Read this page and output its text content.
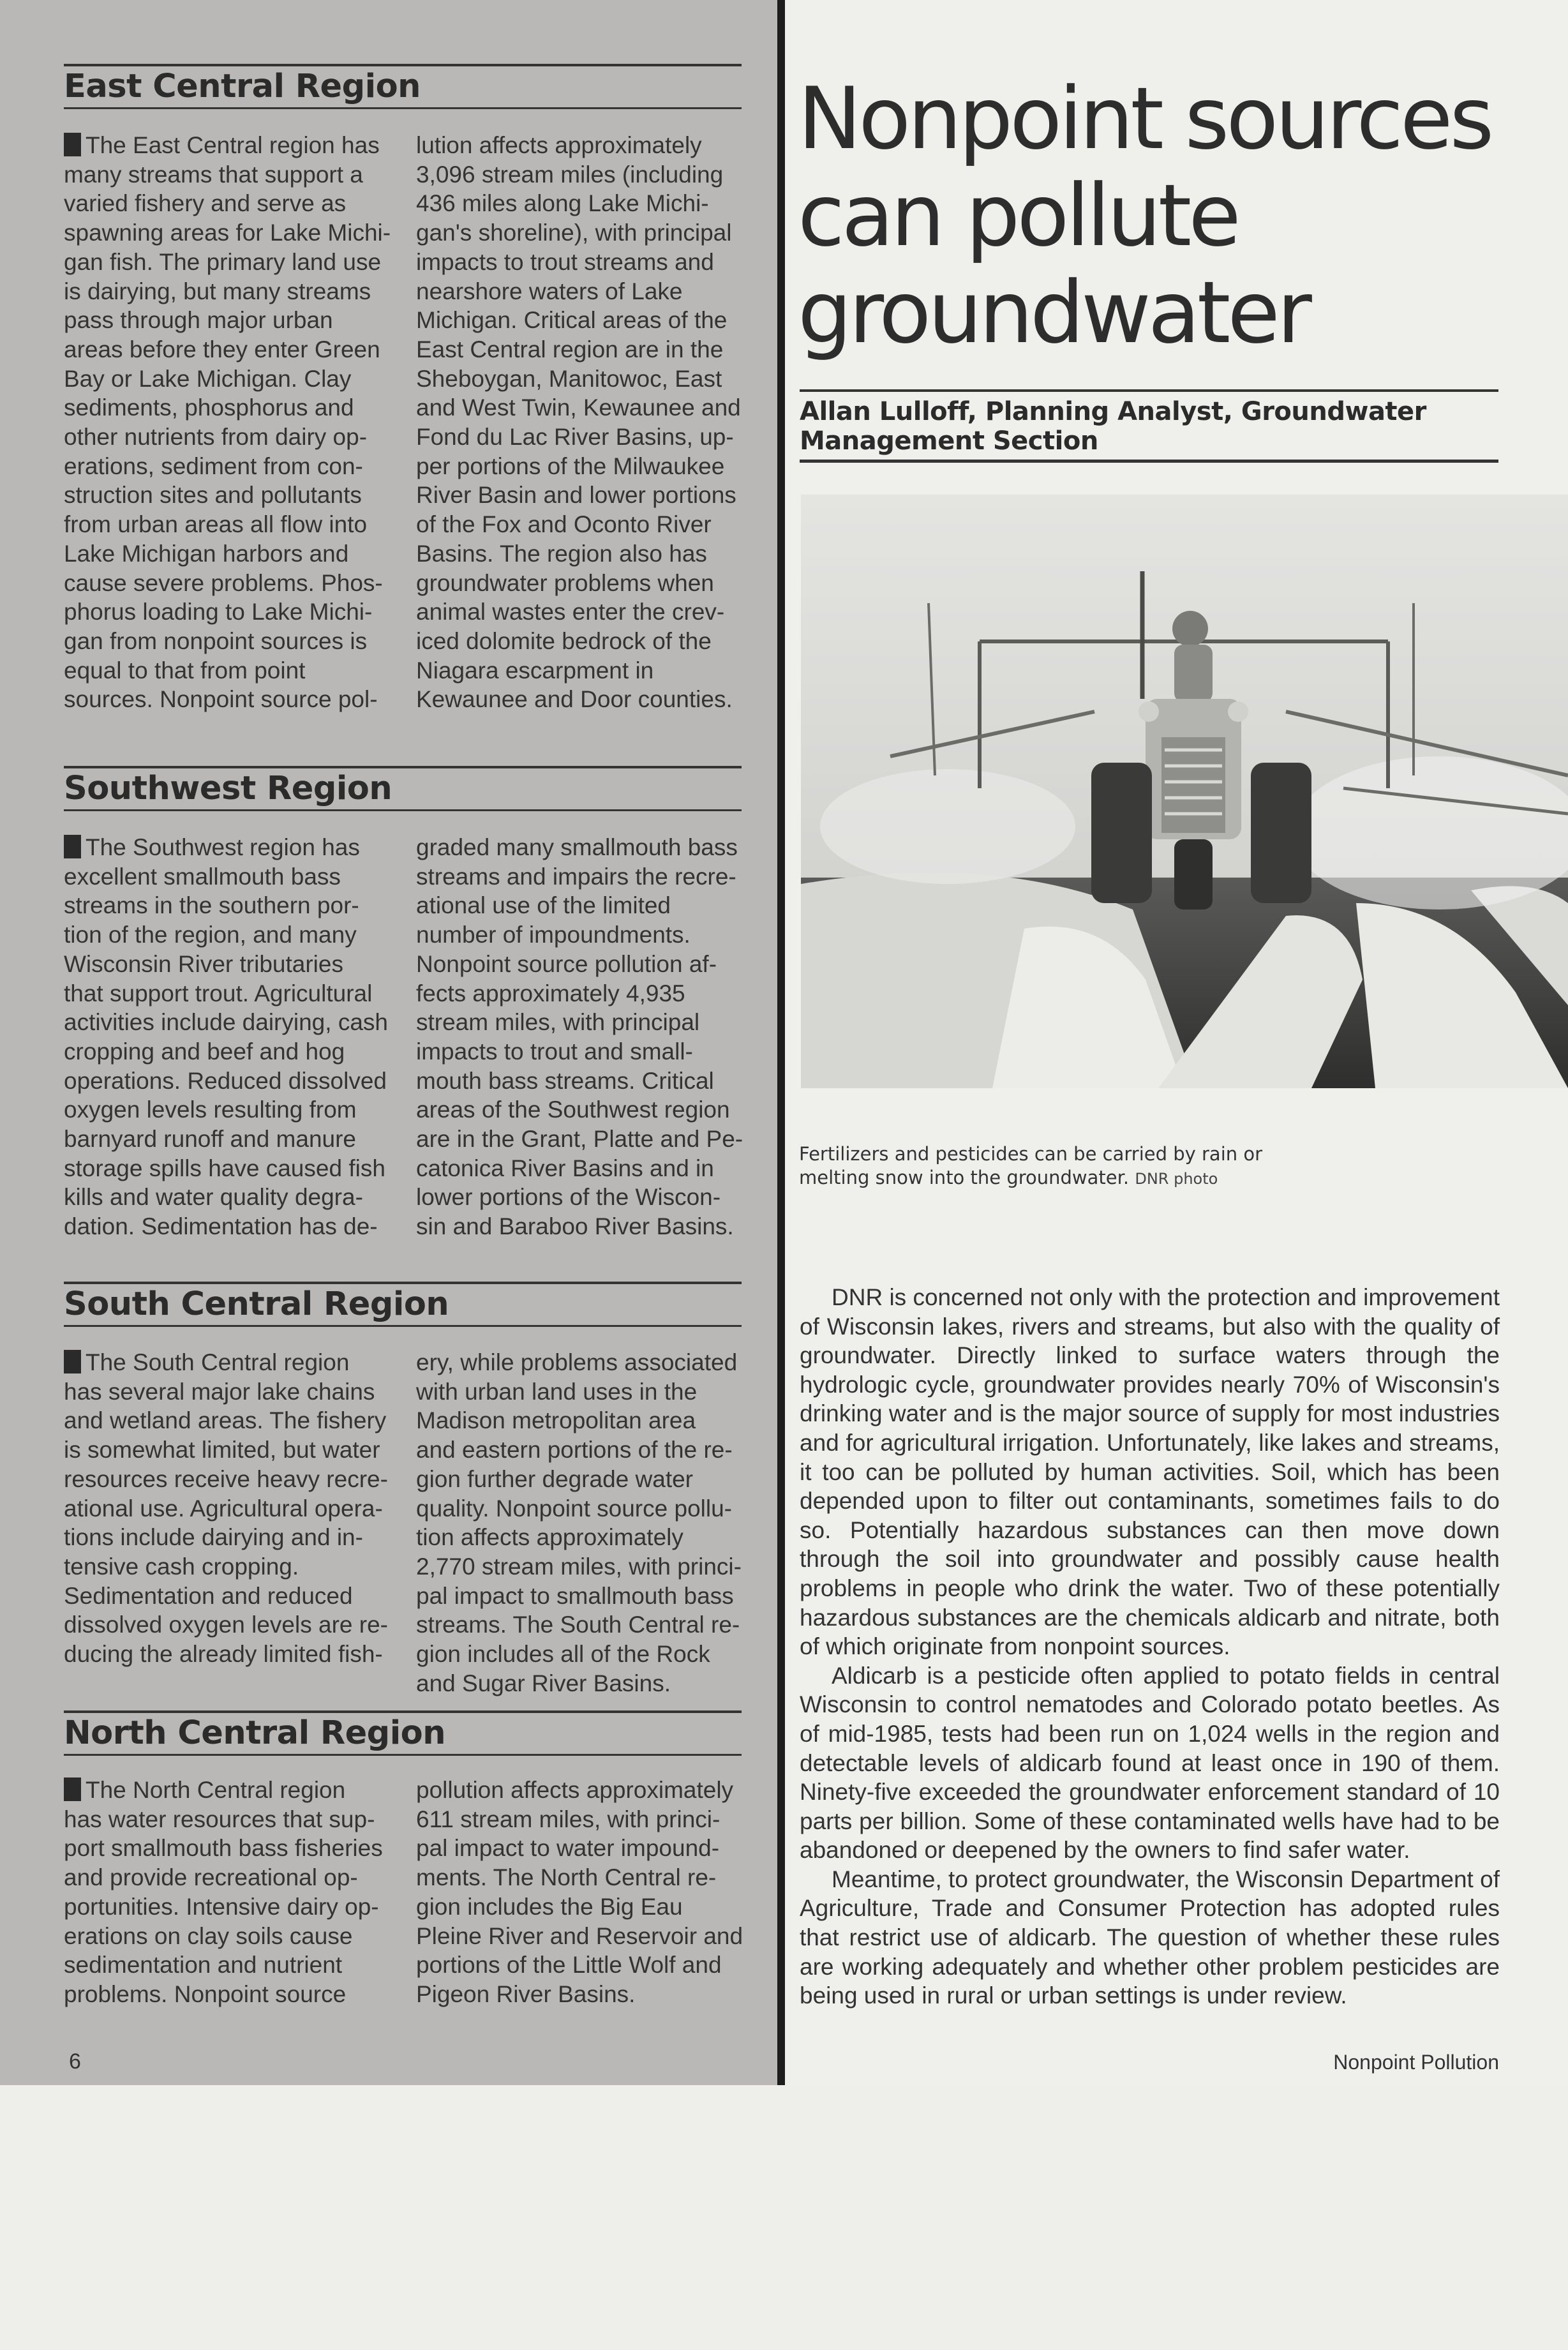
East Central Region
The East Central region has
many streams that support a
varied fishery and serve as
spawning areas for Lake Michi-
gan fish. The primary land use
is dairying, but many streams
pass through major urban
areas before they enter Green
Bay or Lake Michigan. Clay
sediments, phosphorus and
other nutrients from dairy op-
erations, sediment from con-
struction sites and pollutants
from urban areas all flow into
Lake Michigan harbors and
cause severe problems. Phos-
phorus loading to Lake Michi-
gan from nonpoint sources is
equal to that from point
sources. Nonpoint source pol-
lution affects approximately
3,096 stream miles (including
436 miles along Lake Michi-
gan's shoreline), with principal
impacts to trout streams and
nearshore waters of Lake
Michigan. Critical areas of the
East Central region are in the
Sheboygan, Manitowoc, East
and West Twin, Kewaunee and
Fond du Lac River Basins, up-
per portions of the Milwaukee
River Basin and lower portions
of the Fox and Oconto River
Basins. The region also has
groundwater problems when
animal wastes enter the crev-
iced dolomite bedrock of the
Niagara escarpment in
Kewaunee and Door counties.
Southwest Region
The Southwest region has
excellent smallmouth bass
streams in the southern por-
tion of the region, and many
Wisconsin River tributaries
that support trout. Agricultural
activities include dairying, cash
cropping and beef and hog
operations. Reduced dissolved
oxygen levels resulting from
barnyard runoff and manure
storage spills have caused fish
kills and water quality degra-
dation. Sedimentation has de-
graded many smallmouth bass
streams and impairs the recre-
ational use of the limited
number of impoundments.
Nonpoint source pollution af-
fects approximately 4,935
stream miles, with principal
impacts to trout and small-
mouth bass streams. Critical
areas of the Southwest region
are in the Grant, Platte and Pe-
catonica River Basins and in
lower portions of the Wiscon-
sin and Baraboo River Basins.
South Central Region
The South Central region
has several major lake chains
and wetland areas. The fishery
is somewhat limited, but water
resources receive heavy recre-
ational use. Agricultural opera-
tions include dairying and in-
tensive cash cropping.
Sedimentation and reduced
dissolved oxygen levels are re-
ducing the already limited fish-
ery, while problems associated
with urban land uses in the
Madison metropolitan area
and eastern portions of the re-
gion further degrade water
quality. Nonpoint source pollu-
tion affects approximately
2,770 stream miles, with princi-
pal impact to smallmouth bass
streams. The South Central re-
gion includes all of the Rock
and Sugar River Basins.
North Central Region
The North Central region
has water resources that sup-
port smallmouth bass fisheries
and provide recreational op-
portunities. Intensive dairy op-
erations on clay soils cause
sedimentation and nutrient
problems. Nonpoint source
pollution affects approximately
611 stream miles, with princi-
pal impact to water impound-
ments. The North Central re-
gion includes the Big Eau
Pleine River and Reservoir and
portions of the Little Wolf and
Pigeon River Basins.
Nonpoint sources
can pollute
groundwater
Allan Lulloff, Planning Analyst, Groundwater
Management Section
Fertilizers and pesticides can be carried by rain or
melting snow into the groundwater. DNR photo

DNR is concerned not only with the protection and improvement of Wisconsin lakes, rivers and streams, but also with the quality of groundwater. Directly linked to surface waters through the hydrologic cycle, groundwater provides nearly 70% of Wisconsin's drinking water and is the major source of supply for most industries and for agricultural irrigation. Unfortunately, like lakes and streams, it too can be polluted by human activities. Soil, which has been depended upon to filter out contaminants, sometimes fails to do so. Potentially hazardous substances can then move down through the soil into groundwater and possibly cause health problems in people who drink the water. Two of these potentially hazardous substances are the chemicals aldicarb and nitrate, both of which originate from nonpoint sources.

Aldicarb is a pesticide often applied to potato fields in central Wisconsin to control nematodes and Colorado potato beetles. As of mid-1985, tests had been run on 1,024 wells in the region and detectable levels of aldicarb found at least once in 190 of them. Ninety-five exceeded the groundwater enforcement standard of 10 parts per billion. Some of these contaminated wells have had to be abandoned or deepened by the owners to find safer water.

Meantime, to protect groundwater, the Wisconsin Department of Agriculture, Trade and Consumer Protection has adopted rules that restrict use of aldicarb. The question of whether these rules are working adequately and whether other problem pesticides are being used in rural or urban settings is under review.

6	Nonpoint Pollution
